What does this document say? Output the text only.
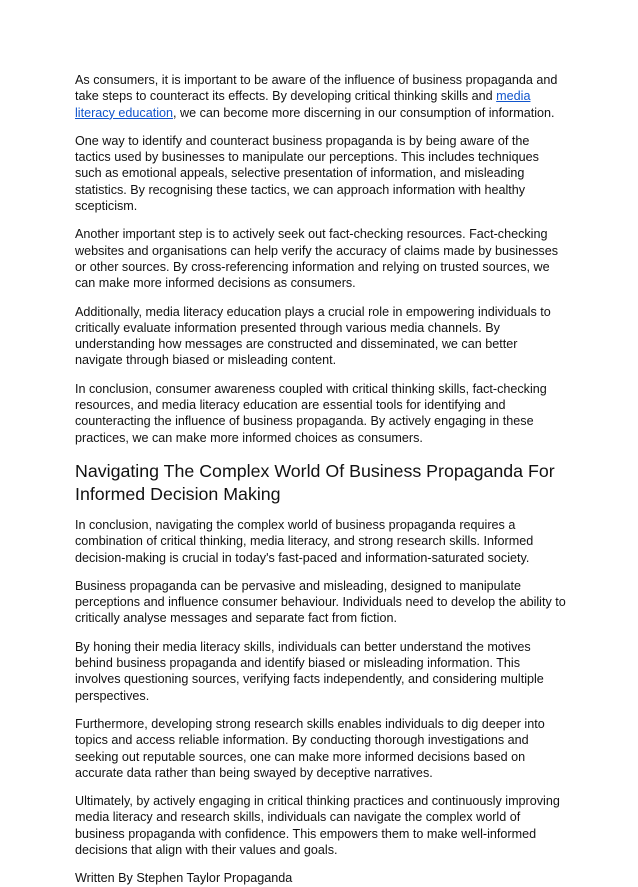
As consumers, it is important to be aware of the influence of business propaganda and take steps to counteract its effects. By developing critical thinking skills and media literacy education, we can become more discerning in our consumption of information.

One way to identify and counteract business propaganda is by being aware of the tactics used by businesses to manipulate our perceptions. This includes techniques such as emotional appeals, selective presentation of information, and misleading statistics. By recognising these tactics, we can approach information with healthy scepticism.

Another important step is to actively seek out fact-checking resources. Fact-checking websites and organisations can help verify the accuracy of claims made by businesses or other sources. By cross-referencing information and relying on trusted sources, we can make more informed decisions as consumers.

Additionally, media literacy education plays a crucial role in empowering individuals to critically evaluate information presented through various media channels. By understanding how messages are constructed and disseminated, we can better navigate through biased or misleading content.

In conclusion, consumer awareness coupled with critical thinking skills, fact-checking resources, and media literacy education are essential tools for identifying and counteracting the influence of business propaganda. By actively engaging in these practices, we can make more informed choices as consumers.

Navigating The Complex World Of Business Propaganda For Informed Decision Making

In conclusion, navigating the complex world of business propaganda requires a combination of critical thinking, media literacy, and strong research skills. Informed decision-making is crucial in today's fast-paced and information-saturated society.

Business propaganda can be pervasive and misleading, designed to manipulate perceptions and influence consumer behaviour. Individuals need to develop the ability to critically analyse messages and separate fact from fiction.

By honing their media literacy skills, individuals can better understand the motives behind business propaganda and identify biased or misleading information. This involves questioning sources, verifying facts independently, and considering multiple perspectives.

Furthermore, developing strong research skills enables individuals to dig deeper into topics and access reliable information. By conducting thorough investigations and seeking out reputable sources, one can make more informed decisions based on accurate data rather than being swayed by deceptive narratives.

Ultimately, by actively engaging in critical thinking practices and continuously improving media literacy and research skills, individuals can navigate the complex world of business propaganda with confidence. This empowers them to make well-informed decisions that align with their values and goals.

Written By Stephen Taylor Propaganda
